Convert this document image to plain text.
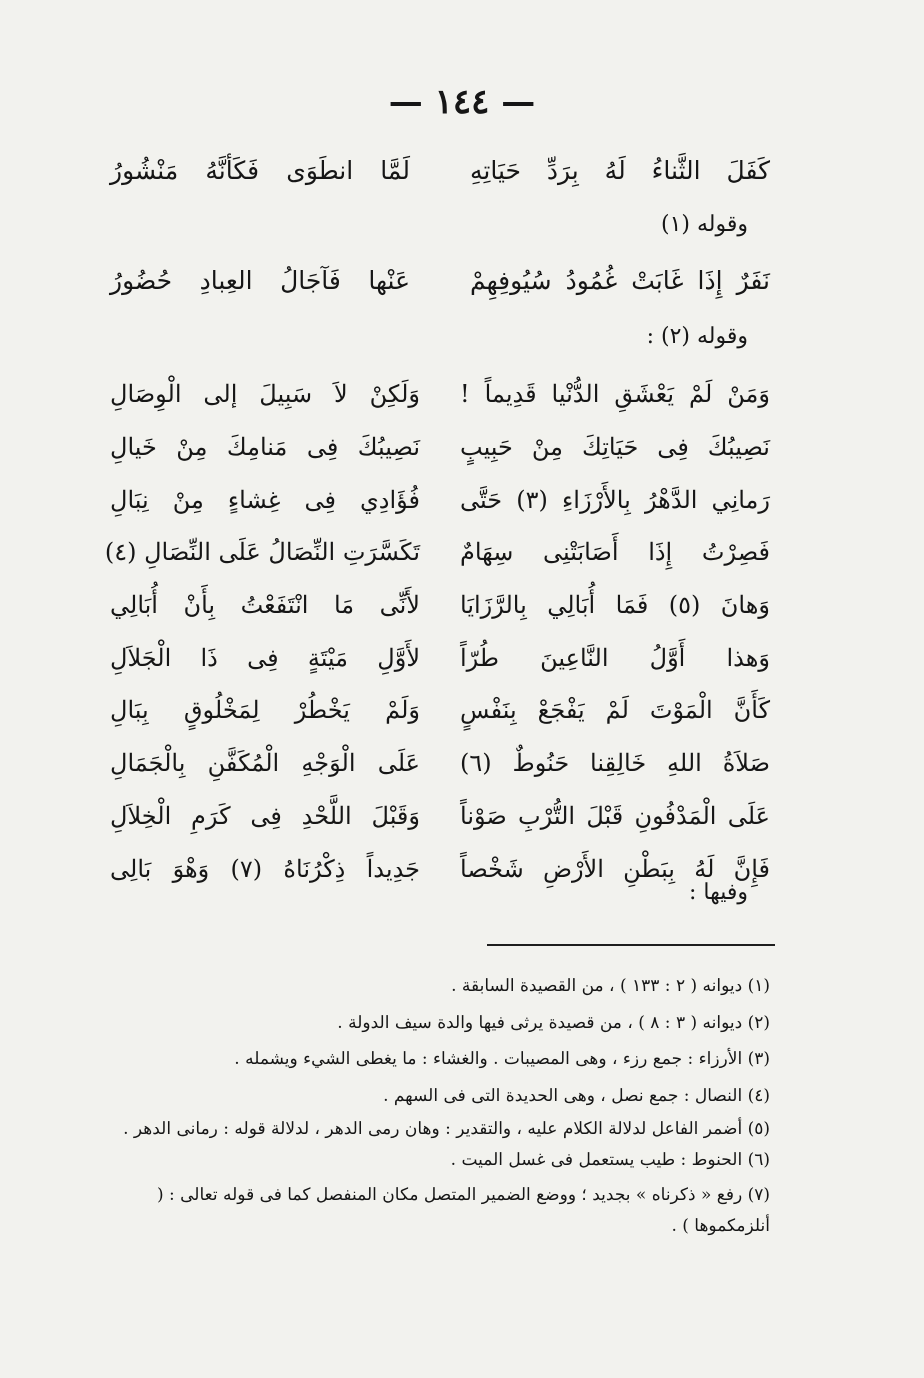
— ١٤٤ —
كَفَلَ الثَّناءُ لَهُ بِرَدِّ حَيَاتِهِ
لَمَّا انطَوَى فَكَأنَّهُ مَنْشُورُ
وقوله (١)
نَفَرٌ إِذَا غَابَتْ غُمُودُ سُيُوفِهِمْ
عَنْها فَآجَالُ العِبادِ حُضُورُ
وقوله (٢) :
وَمَنْ لَمْ يَعْشَقِ الدُّنْيا قَدِيماً !
وَلَكِنْ لاَ سَبِيلَ إلى الْوِصَالِ
نَصِيبُكَ فِى حَيَاتِكَ مِنْ حَبِيبٍ
نَصِيبُكَ فِى مَنامِكَ مِنْ خَيالِ
رَمانِي الدَّهْرُ بِالأَرْزَاءِ (٣) حَتَّى
فُؤَادِي فِى غِشاءٍ مِنْ نِبَالِ
فَصِرْتُ إِذَا أَصَابَتْنِى سِهَامٌ
تَكَسَّرَتِ النِّصَالُ عَلَى النِّصَالِ (٤)
وَهانَ (٥) فَمَا أُبَالِي بِالرَّزَايَا
لأَنِّى مَا انْتَفَعْتُ بِأَنْ أُبَالِي
وَهذا أَوَّلُ النَّاعِينَ طُرّاً
لأَوَّلِ مَيْتَةٍ فِى ذَا الْجَلاَلِ
كَأَنَّ الْمَوْتَ لَمْ يَفْجَعْ بِنَفْسٍ
وَلَمْ يَخْطُرْ لِمَخْلُوقٍ بِبَالِ
صَلاَةُ اللهِ خَالِقِنا حَنُوطٌ (٦)
عَلَى الْوَجْهِ الْمُكَفَّنِ بِالْجَمَالِ
عَلَى الْمَدْفُونِ قَبْلَ التُّرْبِ صَوْناً
وَقَبْلَ اللَّحْدِ فِى كَرَمِ الْخِلاَلِ
فَإِنَّ لَهُ بِبَطْنِ الأَرْضِ شَخْصاً
جَدِيداً ذِكْرُنَاهُ (٧) وَهْوَ بَالِى
وفيها :
(١) ديوانه ( ٢ : ١٣٣ ) ، من القصيدة السابقة .
(٢) ديوانه ( ٣ : ٨ ) ، من قصيدة يرثى فيها والدة سيف الدولة .
(٣) الأرزاء : جمع رزء ، وهى المصيبات . والغشاء : ما يغطى الشيء ويشمله .
(٤) النصال : جمع نصل ، وهى الحديدة التى فى السهم .
(٥) أضمر الفاعل لدلالة الكلام عليه ، والتقدير : وهان رمى الدهر ، لدلالة قوله : رمانى الدهر . (٦) الحنوط : طيب يستعمل فى غسل الميت .
(٧) رفع « ذكرناه » بجديد ؛ ووضع الضمير المتصل مكان المنفصل كما فى قوله تعالى : ( أنلزمكموها ) .
